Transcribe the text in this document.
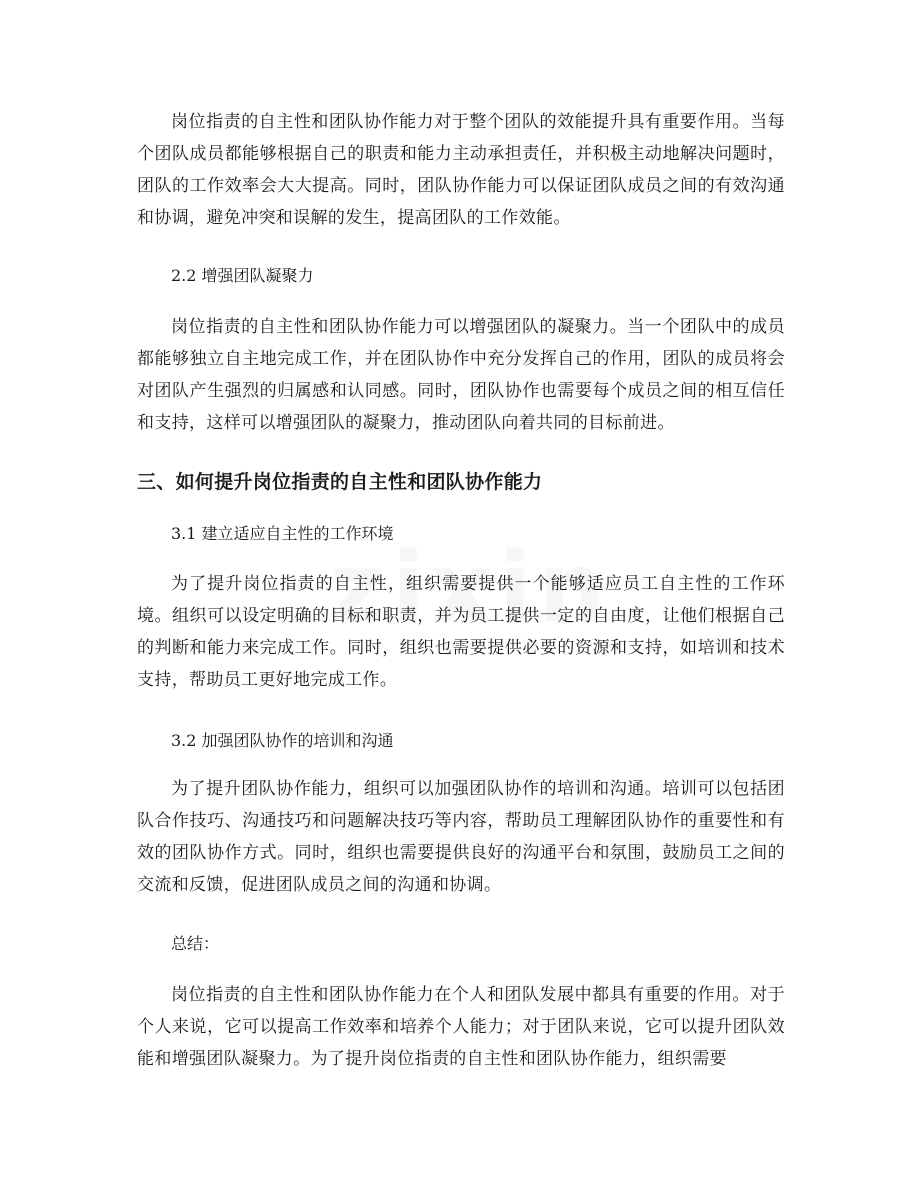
岗位指责的自主性和团队协作能力对于整个团队的效能提升具有重要作用。当每个团队成员都能够根据自己的职责和能力主动承担责任，并积极主动地解决问题时，团队的工作效率会大大提高。同时，团队协作能力可以保证团队成员之间的有效沟通和协调，避免冲突和误解的发生，提高团队的工作效能。

2.2 增强团队凝聚力

岗位指责的自主性和团队协作能力可以增强团队的凝聚力。当一个团队中的成员都能够独立自主地完成工作，并在团队协作中充分发挥自己的作用，团队的成员将会对团队产生强烈的归属感和认同感。同时，团队协作也需要每个成员之间的相互信任和支持，这样可以增强团队的凝聚力，推动团队向着共同的目标前进。

三、如何提升岗位指责的自主性和团队协作能力

3.1 建立适应自主性的工作环境

为了提升岗位指责的自主性，组织需要提供一个能够适应员工自主性的工作环境。组织可以设定明确的目标和职责，并为员工提供一定的自由度，让他们根据自己的判断和能力来完成工作。同时，组织也需要提供必要的资源和支持，如培训和技术支持，帮助员工更好地完成工作。

3.2 加强团队协作的培训和沟通

为了提升团队协作能力，组织可以加强团队协作的培训和沟通。培训可以包括团队合作技巧、沟通技巧和问题解决技巧等内容，帮助员工理解团队协作的重要性和有效的团队协作方式。同时，组织也需要提供良好的沟通平台和氛围，鼓励员工之间的交流和反馈，促进团队成员之间的沟通和协调。

总结：

岗位指责的自主性和团队协作能力在个人和团队发展中都具有重要的作用。对于个人来说，它可以提高工作效率和培养个人能力；对于团队来说，它可以提升团队效能和增强团队凝聚力。为了提升岗位指责的自主性和团队协作能力，组织需要
